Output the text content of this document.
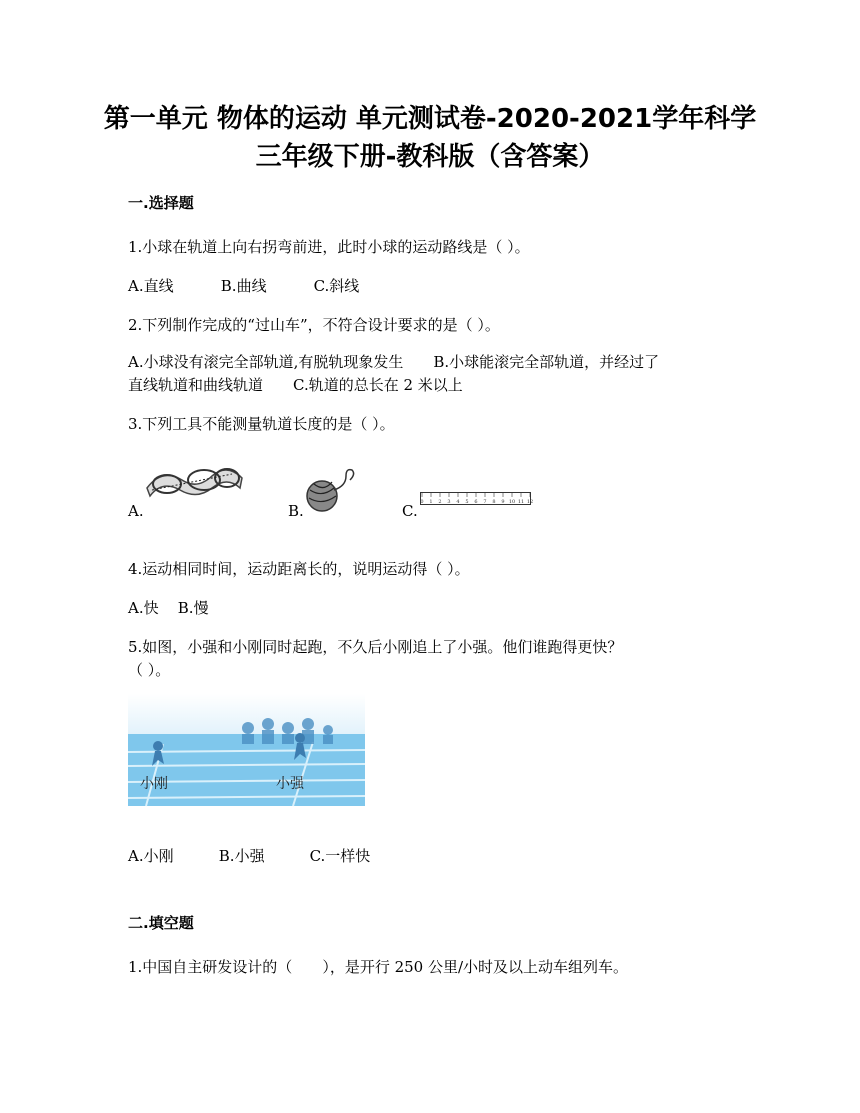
第一单元 物体的运动 单元测试卷-2020-2021学年科学
三年级下册-教科版（含答案）
一.选择题
1.小球在轨道上向右拐弯前进，此时小球的运动路线是（ ）。
A.直线	B.曲线	C.斜线
2.下列制作完成的“过山车”，不符合设计要求的是（ ）。
A.小球没有滚完全部轨道,有脱轨现象发生　　B.小球能滚完全部轨道，并经过了
直线轨道和曲线轨道　　C.轨道的总长在 2 米以上
3.下列工具不能测量轨道长度的是（ ）。
A.	B.	C. 0 1 2 3 4 5 6 7 8 9 10 11 12
4.运动相同时间，运动距离长的，说明运动得（ ）。
A.快 B.慢
5.如图，小强和小刚同时起跑，不久后小刚追上了小强。他们谁跑得更快？
（ ）。
小刚	小强
A.小刚	B.小强	C.一样快
二.填空题
1.中国自主研发设计的（　　），是开行 250 公里/小时及以上动车组列车。
